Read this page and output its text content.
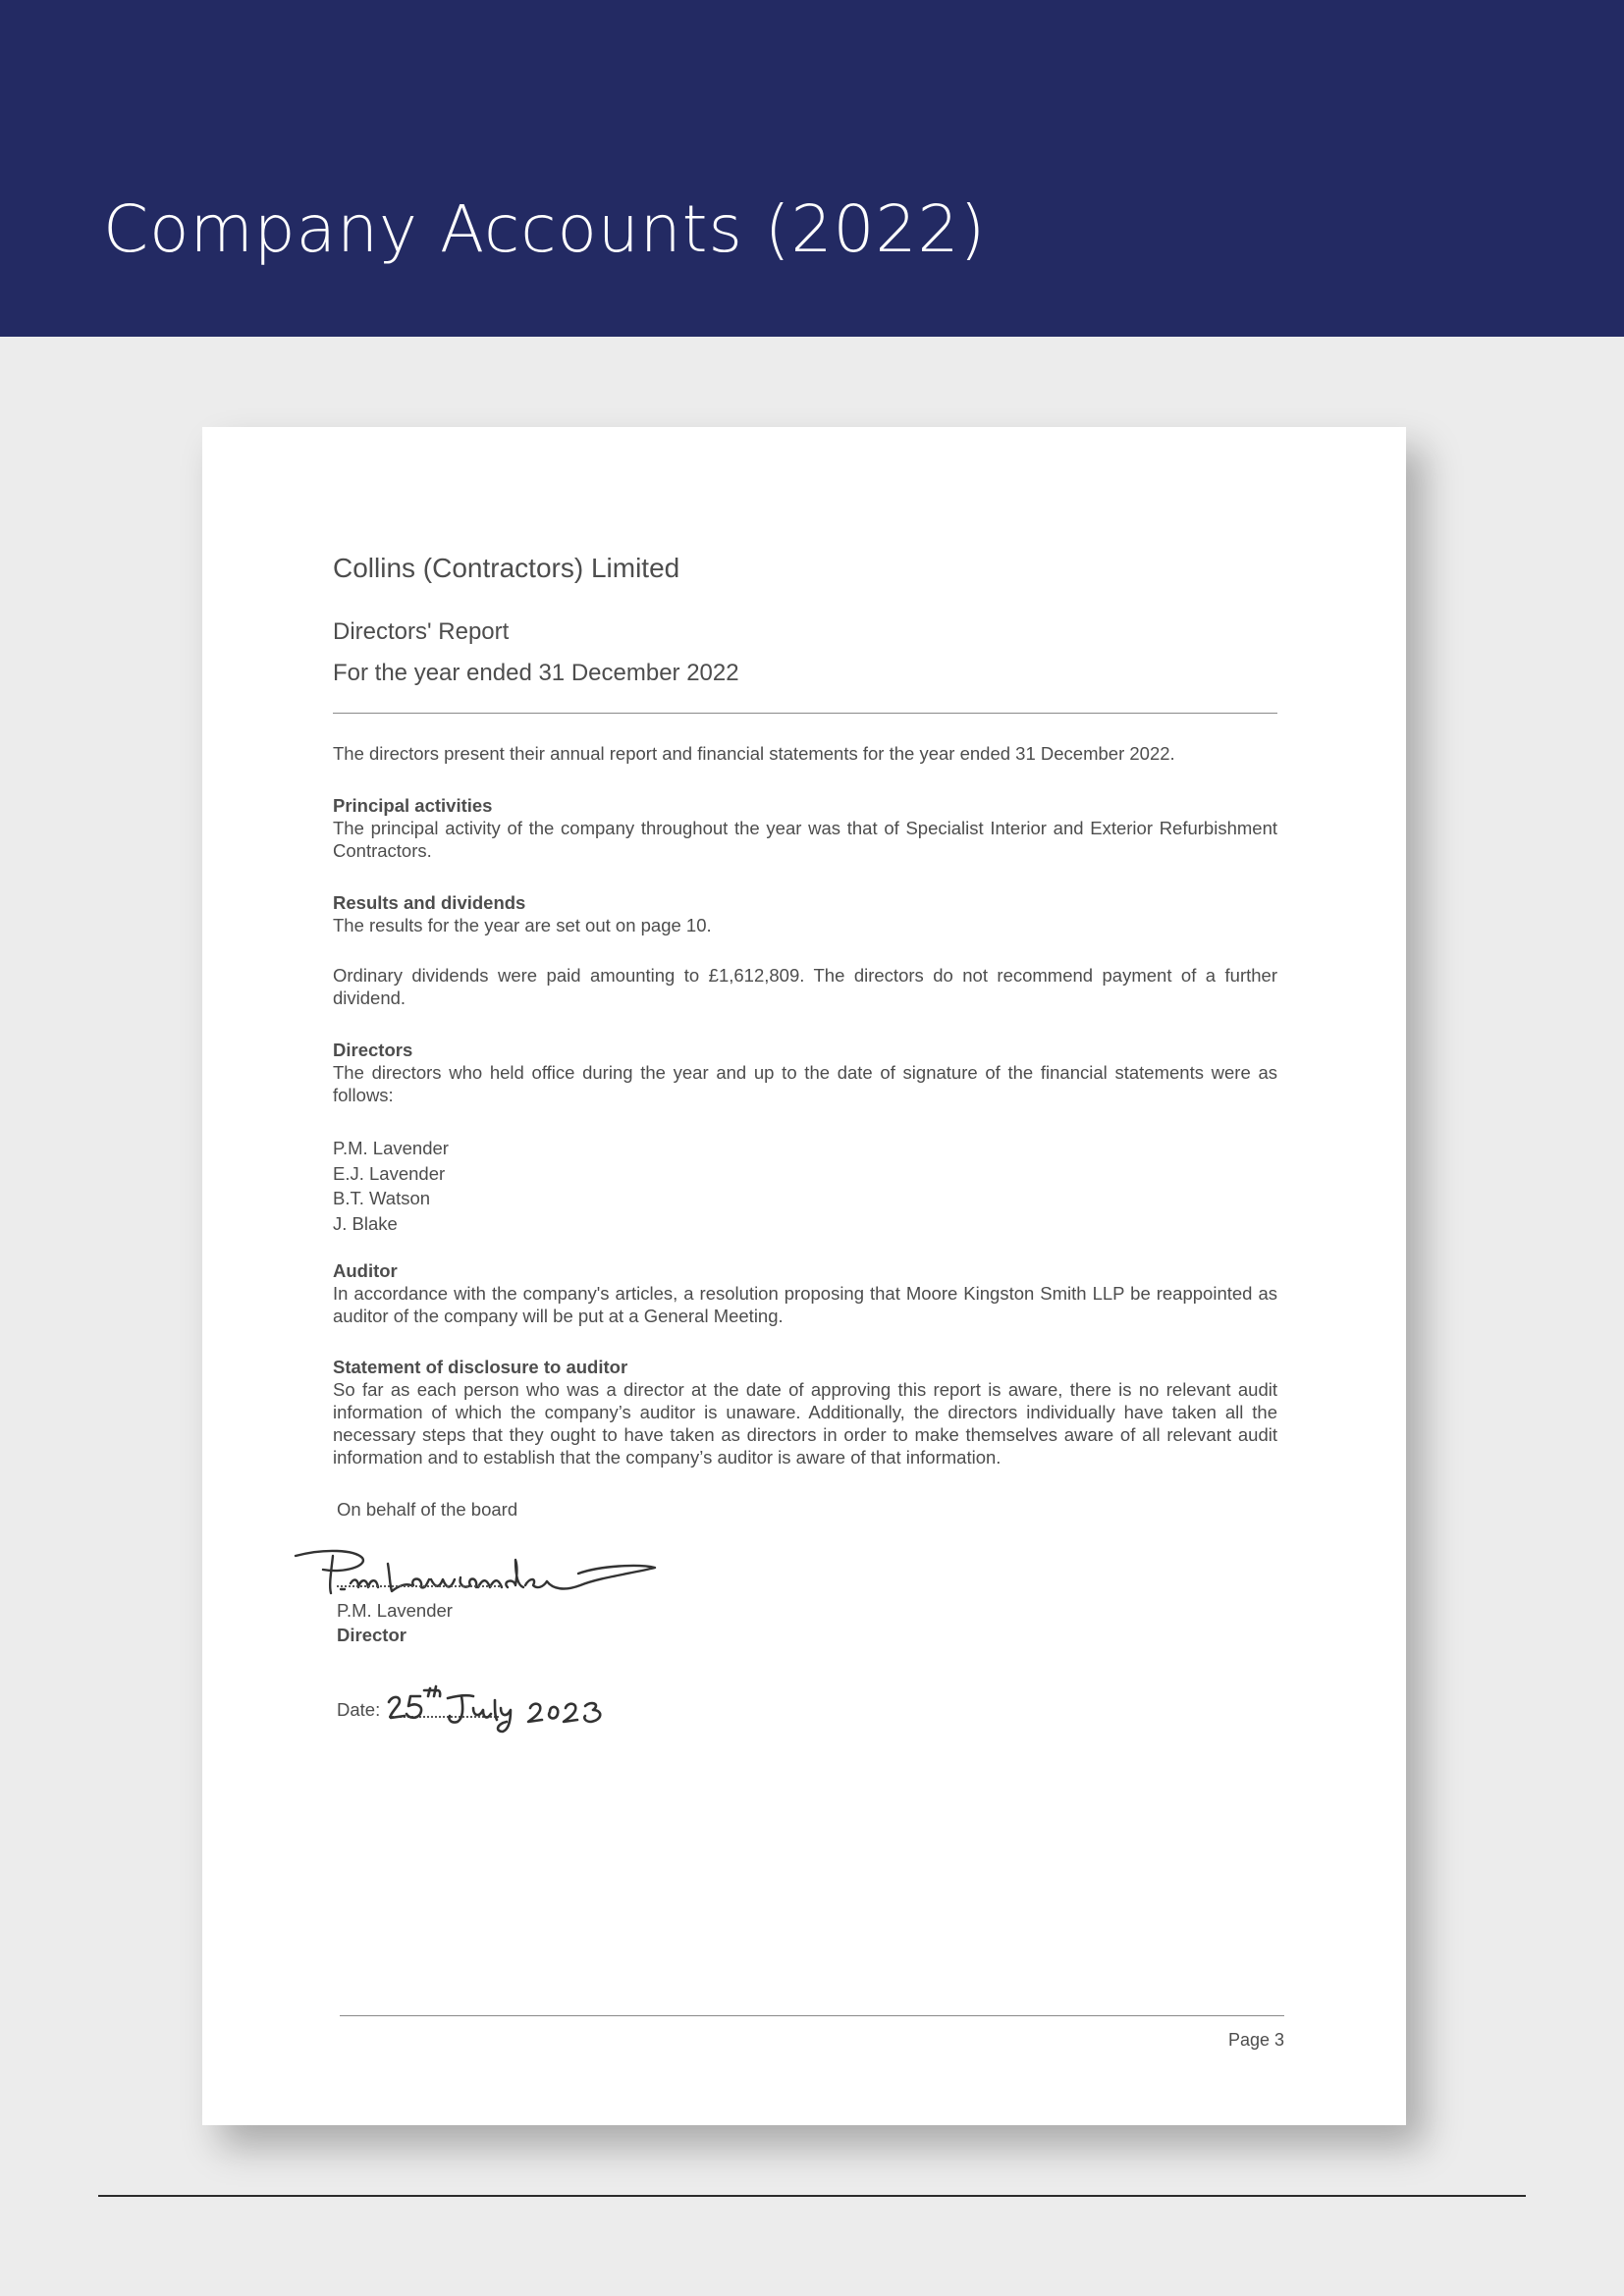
Company Accounts (2022)
Collins (Contractors) Limited
Directors' Report
For the year ended 31 December 2022
The directors present their annual report and financial statements for the year ended 31 December 2022.
Principal activities
The principal activity of the company throughout the year was that of Specialist Interior and Exterior Refurbishment Contractors.
Results and dividends
The results for the year are set out on page 10.
Ordinary dividends were paid amounting to £1,612,809. The directors do not recommend payment of a further dividend.
Directors
The directors who held office during the year and up to the date of signature of the financial statements were as follows:
P.M. Lavender
E.J. Lavender
B.T. Watson
J. Blake
Auditor
In accordance with the company's articles, a resolution proposing that Moore Kingston Smith LLP be reappointed as auditor of the company will be put at a General Meeting.
Statement of disclosure to auditor
So far as each person who was a director at the date of approving this report is aware, there is no relevant audit information of which the company’s auditor is unaware. Additionally, the directors individually have taken all the necessary steps that they ought to have taken as directors in order to make themselves aware of all relevant audit information and to establish that the company’s auditor is aware of that information.
On behalf of the board
P.M. Lavender
Director
Date:
Page 3
